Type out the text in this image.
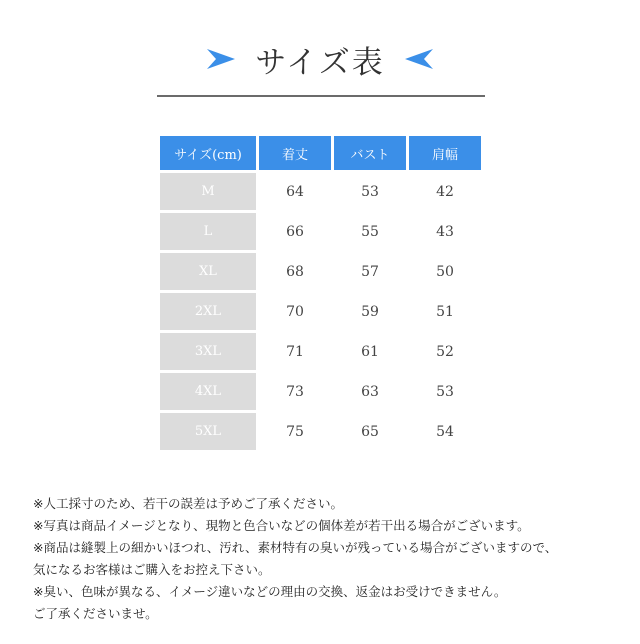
サイズ表
サイズ(cm)	着丈	バスト	肩幅
M	64	53	42
L	66	55	43
XL	68	57	50
2XL	70	59	51
3XL	71	61	52
4XL	73	63	53
5XL	75	65	54
※人工採寸のため、若干の誤差は予めご了承ください。
※写真は商品イメージとなり、現物と色合いなどの個体差が若干出る場合がございます。
※商品は縫製上の細かいほつれ、汚れ、素材特有の臭いが残っている場合がございますので、
気になるお客様はご購入をお控え下さい。
※臭い、色味が異なる、イメージ違いなどの理由の交換、返金はお受けできません。
ご了承くださいませ。
